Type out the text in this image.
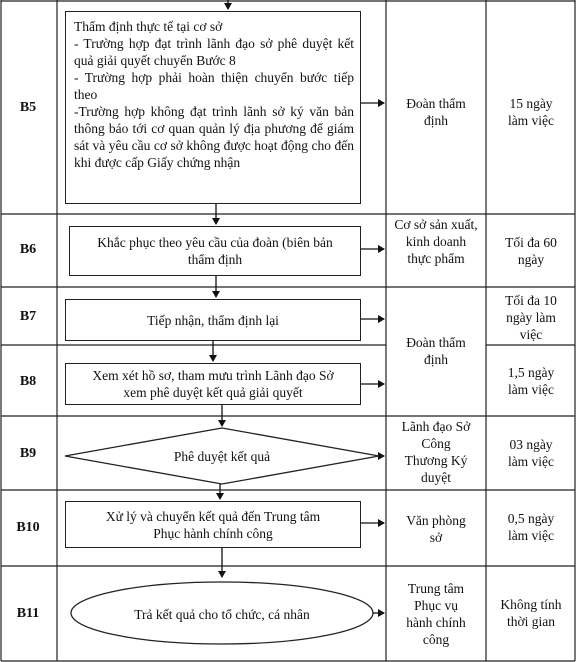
B5
B6
B7
B8
B9
B10
B11
Thẩm định thực tế tại cơ sở
- Trường hợp đạt trình lãnh đạo sở phê duyệt kết quả giải quyết chuyển Bước 8
- Trường hợp phải hoàn thiện chuyển bước tiếp theo
-Trường hợp không đạt trình lãnh sở ký văn bản thông báo tới cơ quan quản lý địa phương để giám sát và yêu cầu cơ sở không được hoạt động cho đến khi được cấp Giấy chứng nhận
Khắc phục theo yêu cầu của đoàn (biên bản thẩm định
Tiếp nhận, thẩm định lại
Xem xét hồ sơ, tham mưu trình Lãnh đạo Sở xem phê duyệt kết quả giải quyết
Phê duyệt kết quả
Xử lý và chuyển kết quả đến Trung tâm Phục hành chính công
Trả kết quả cho tổ chức, cá nhân
Đoàn thẩm định
Cơ sở sản xuất, kinh doanh thực phẩm
Đoàn thẩm định
Lãnh đạo Sở Công Thương Ký duyệt
Văn phòng sở
Trung tâm Phục vụ hành chính công
15 ngày làm việc
Tối đa 60 ngày
Tối đa 10 ngày làm việc
1,5 ngày làm việc
03 ngày làm việc
0,5 ngày làm việc
Không tính thời gian
